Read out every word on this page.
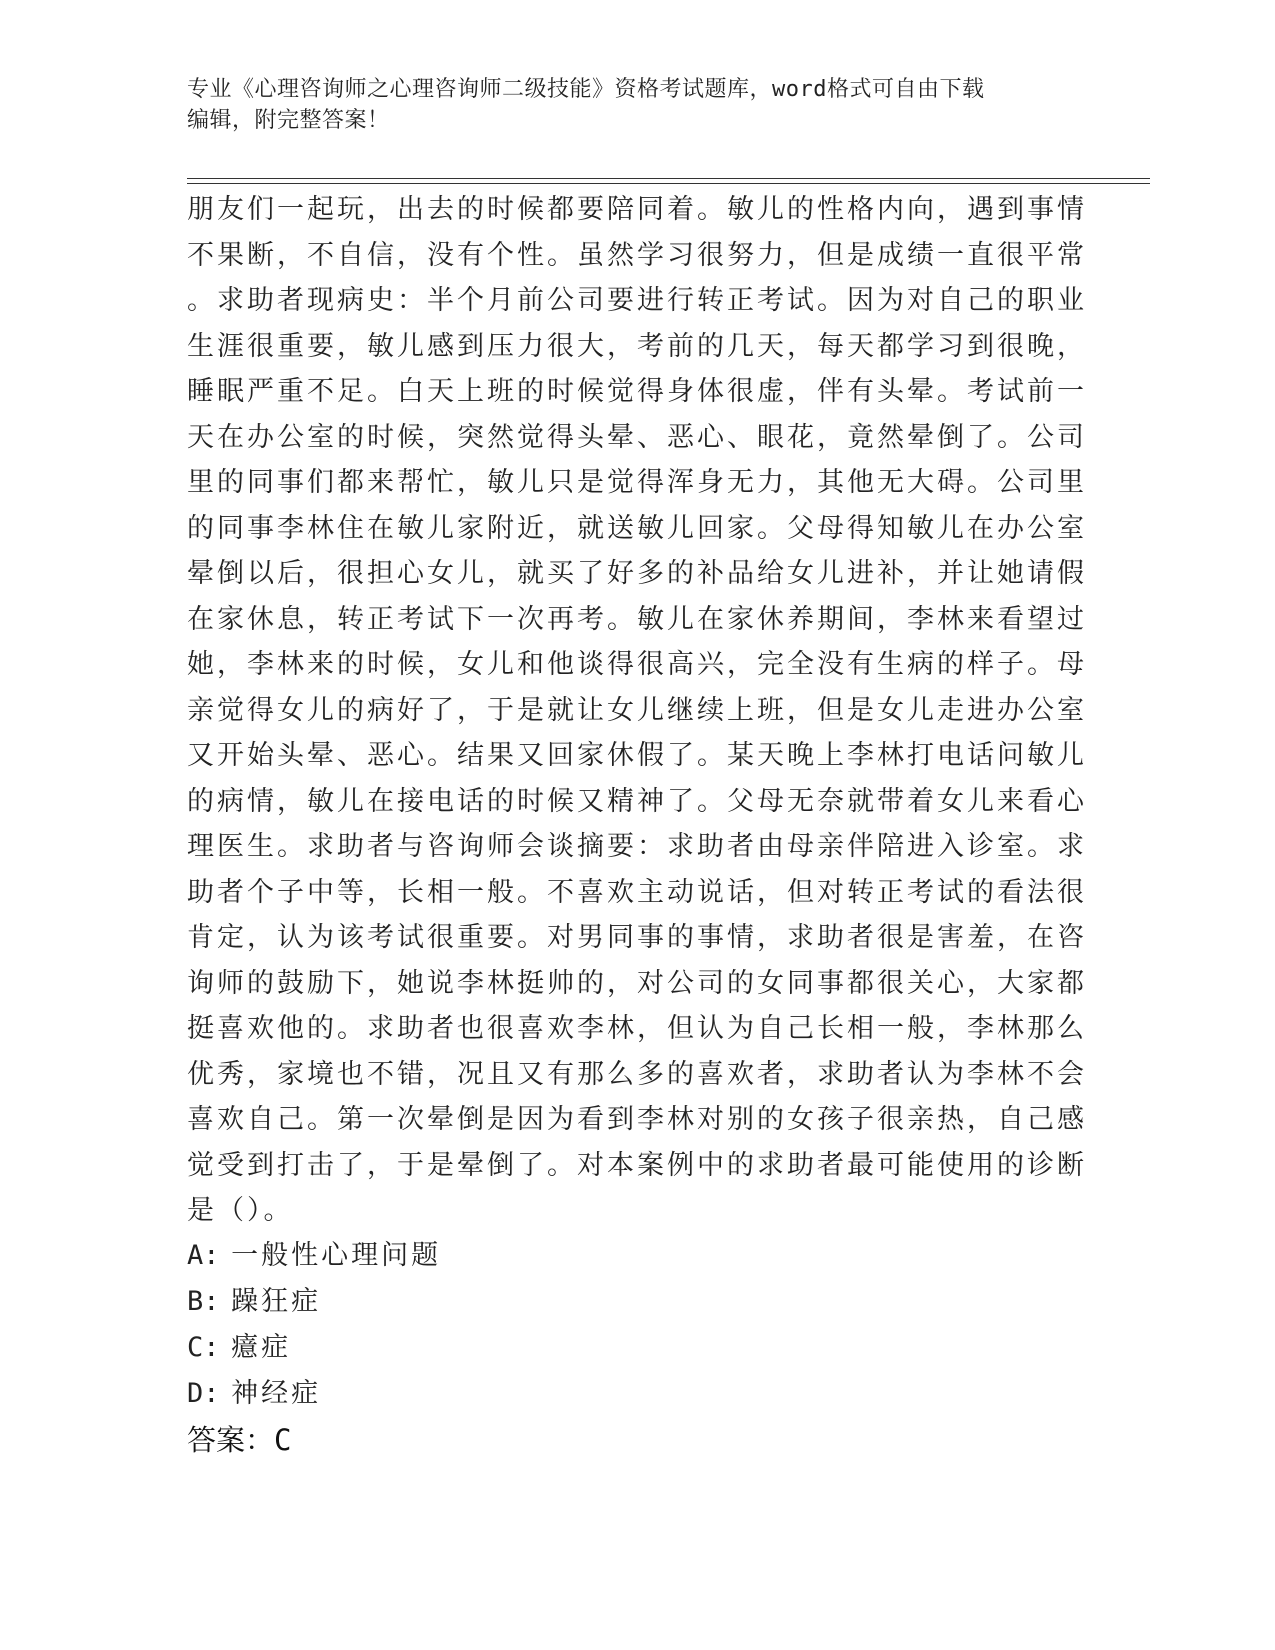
专业《心理咨询师之心理咨询师二级技能》资格考试题库，word格式可自由下载
编辑，附完整答案！
朋友们一起玩，出去的时候都要陪同着。敏儿的性格内向，遇到事情
不果断，不自信，没有个性。虽然学习很努力，但是成绩一直很平常
。求助者现病史：半个月前公司要进行转正考试。因为对自己的职业
生涯很重要，敏儿感到压力很大，考前的几天，每天都学习到很晚，
睡眠严重不足。白天上班的时候觉得身体很虚，伴有头晕。考试前一
天在办公室的时候，突然觉得头晕、恶心、眼花，竟然晕倒了。公司
里的同事们都来帮忙，敏儿只是觉得浑身无力，其他无大碍。公司里
的同事李林住在敏儿家附近，就送敏儿回家。父母得知敏儿在办公室
晕倒以后，很担心女儿，就买了好多的补品给女儿进补，并让她请假
在家休息，转正考试下一次再考。敏儿在家休养期间，李林来看望过
她，李林来的时候，女儿和他谈得很高兴，完全没有生病的样子。母
亲觉得女儿的病好了，于是就让女儿继续上班，但是女儿走进办公室
又开始头晕、恶心。结果又回家休假了。某天晚上李林打电话问敏儿
的病情，敏儿在接电话的时候又精神了。父母无奈就带着女儿来看心
理医生。求助者与咨询师会谈摘要：求助者由母亲伴陪进入诊室。求
助者个子中等，长相一般。不喜欢主动说话，但对转正考试的看法很
肯定，认为该考试很重要。对男同事的事情，求助者很是害羞，在咨
询师的鼓励下，她说李林挺帅的，对公司的女同事都很关心，大家都
挺喜欢他的。求助者也很喜欢李林，但认为自己长相一般，李林那么
优秀，家境也不错，况且又有那么多的喜欢者，求助者认为李林不会
喜欢自己。第一次晕倒是因为看到李林对别的女孩子很亲热，自己感
觉受到打击了，于是晕倒了。对本案例中的求助者最可能使用的诊断
是（）。
A: 一般性心理问题
B: 躁狂症
C: 癔症
D: 神经症
答案：C
